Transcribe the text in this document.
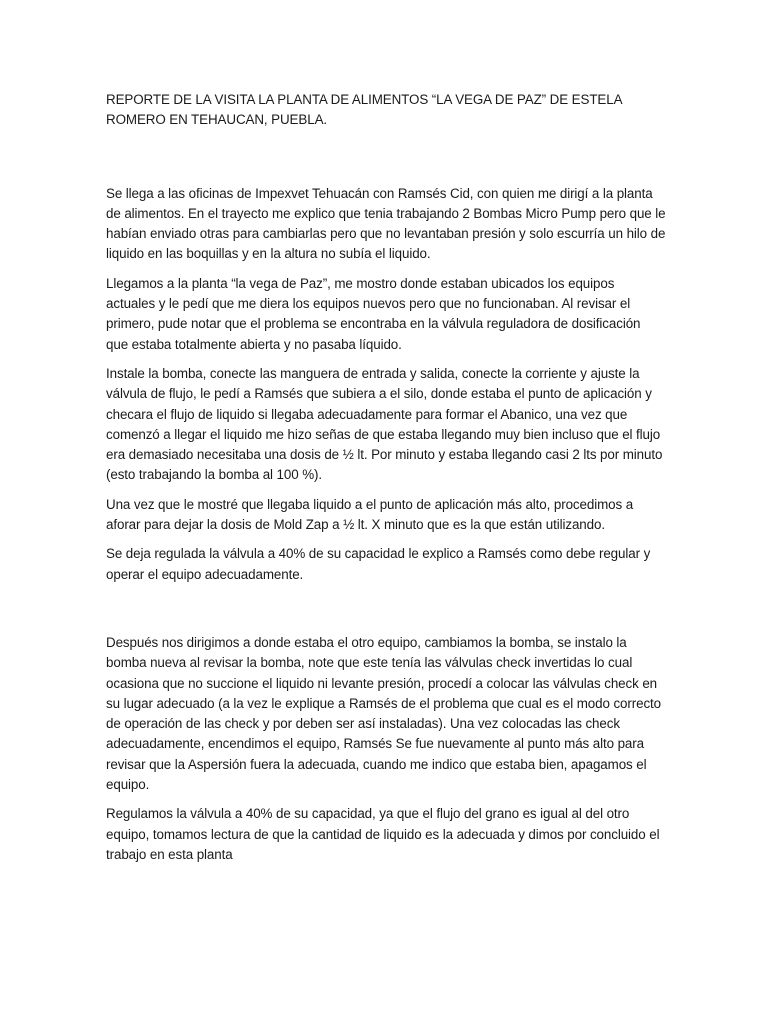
REPORTE DE LA VISITA LA PLANTA DE ALIMENTOS “LA VEGA DE PAZ” DE ESTELA ROMERO EN TEHAUCAN, PUEBLA.

Se llega a las oficinas de Impexvet Tehuacán con Ramsés Cid, con quien me dirigí a la planta de alimentos. En el trayecto me explico que tenia trabajando 2 Bombas Micro Pump pero que le habían enviado otras para cambiarlas pero que no levantaban presión y solo escurría un hilo de liquido en las boquillas y en la altura no subía el liquido.

Llegamos a la planta “la vega de Paz”, me mostro donde estaban ubicados los equipos actuales y le pedí que me diera los equipos nuevos pero que no funcionaban. Al revisar el primero, pude notar que el problema se encontraba en la válvula reguladora de dosificación que estaba totalmente abierta y no pasaba líquido.

Instale la bomba, conecte las manguera de entrada y salida, conecte la corriente y ajuste la válvula de flujo, le pedí a Ramsés que subiera a el silo, donde estaba el punto de aplicación y checara el flujo de liquido si llegaba adecuadamente para formar el Abanico, una vez que comenzó a llegar el liquido me hizo señas de que estaba llegando muy bien incluso que el flujo era demasiado necesitaba una dosis de ½ lt. Por minuto y estaba llegando casi 2 lts por minuto (esto trabajando la bomba al 100 %).

Una vez que le mostré que llegaba liquido a el punto de aplicación más alto, procedimos a aforar para dejar la dosis de Mold Zap a ½ lt. X minuto que es la que están utilizando.

Se deja regulada la válvula a 40% de su capacidad le explico a Ramsés como debe regular y operar el equipo adecuadamente.

Después nos dirigimos a donde estaba el otro equipo, cambiamos la bomba, se instalo la bomba nueva al revisar la bomba, note que este tenía las válvulas check invertidas lo cual ocasiona que no succione el liquido ni levante presión, procedí a colocar las válvulas check en su lugar adecuado (a la vez le explique a Ramsés de el problema que cual es el modo correcto de operación de las check y por deben ser así instaladas). Una vez colocadas las check adecuadamente, encendimos el equipo, Ramsés Se fue nuevamente al punto más alto para revisar que la Aspersión fuera la adecuada, cuando me indico que estaba bien, apagamos el equipo.

Regulamos la válvula a 40% de su capacidad, ya que el flujo del grano es igual al del otro equipo, tomamos lectura de que la cantidad de liquido es la adecuada y dimos por concluido el trabajo en esta planta
